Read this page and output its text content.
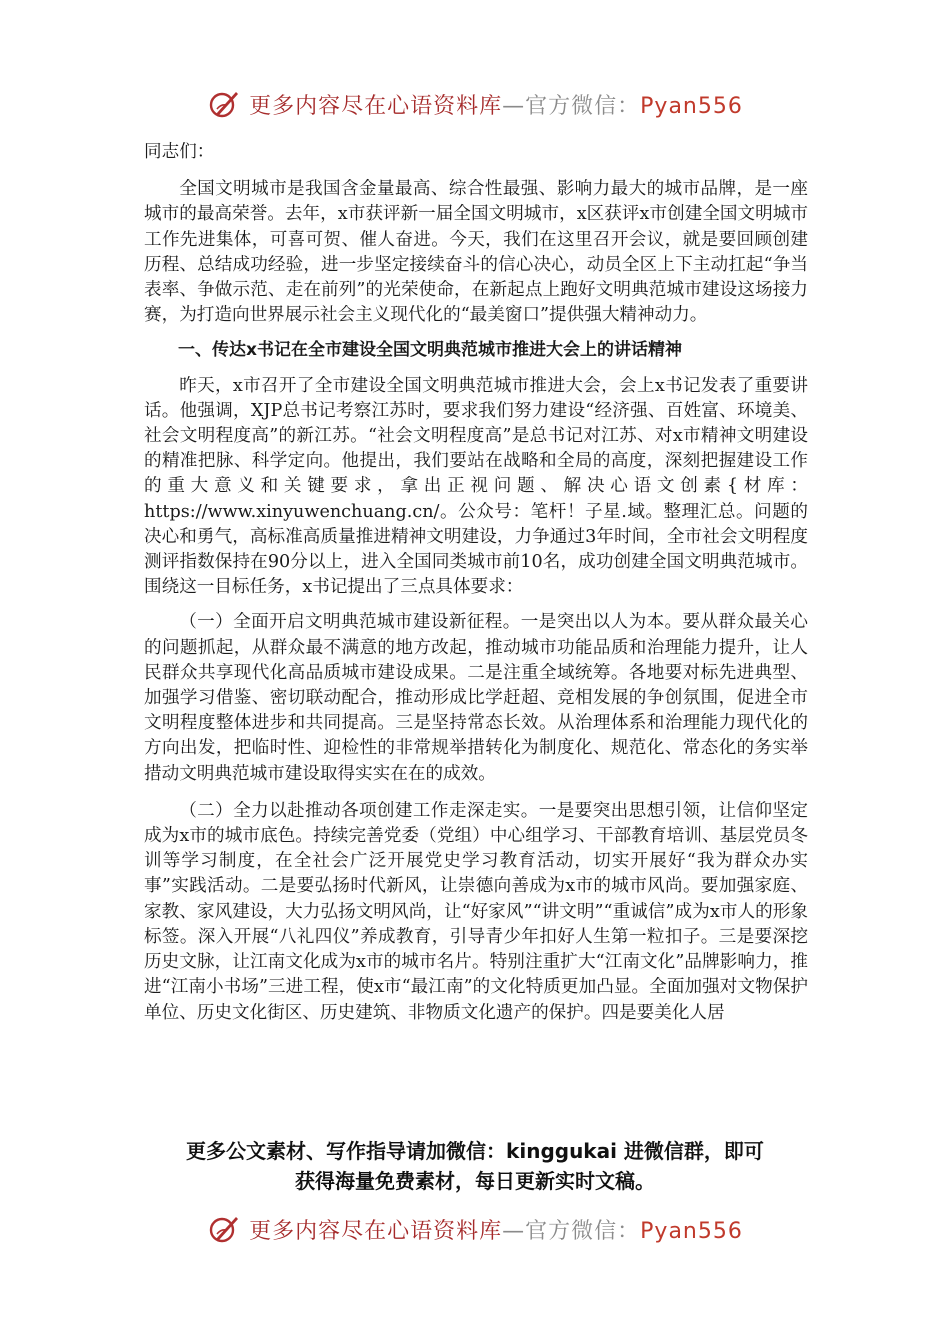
更多内容尽在心语资料库—官方微信：Pyan556

同志们：

全国文明城市是我国含金量最高、综合性最强、影响力最大的城市品牌，是一座城市的最高荣誉。去年，x市获评新一届全国文明城市，x区获评x市创建全国文明城市工作先进集体，可喜可贺、催人奋进。今天，我们在这里召开会议，就是要回顾创建历程、总结成功经验，进一步坚定接续奋斗的信心决心，动员全区上下主动扛起“争当表率、争做示范、走在前列”的光荣使命，在新起点上跑好文明典范城市建设这场接力赛，为打造向世界展示社会主义现代化的“最美窗口”提供强大精神动力。

一、传达x书记在全市建设全国文明典范城市推进大会上的讲话精神

昨天，x市召开了全市建设全国文明典范城市推进大会，会上x书记发表了重要讲话。他强调，XJP总书记考察江苏时，要求我们努力建设“经济强、百姓富、环境美、社会文明程度高”的新江苏。“社会文明程度高”是总书记对江苏、对x市精神文明建设的精准把脉、科学定向。他提出，我们要站在战略和全局的高度，深刻把握建设工作的重大意义和关键要求，拿出正视问题、解决心语文创素{材库：https://www.xinyuwenchuang.cn/。公众号：笔杆！子星.域。整理汇总。问题的决心和勇气，高标准高质量推进精神文明建设，力争通过3年时间，全市社会文明程度测评指数保持在90分以上，进入全国同类城市前10名，成功创建全国文明典范城市。围绕这一目标任务，x书记提出了三点具体要求：

（一）全面开启文明典范城市建设新征程。一是突出以人为本。要从群众最关心的问题抓起，从群众最不满意的地方改起，推动城市功能品质和治理能力提升，让人民群众共享现代化高品质城市建设成果。二是注重全域统筹。各地要对标先进典型、加强学习借鉴、密切联动配合，推动形成比学赶超、竞相发展的争创氛围，促进全市文明程度整体进步和共同提高。三是坚持常态长效。从治理体系和治理能力现代化的方向出发，把临时性、迎检性的非常规举措转化为制度化、规范化、常态化的务实举措动文明典范城市建设取得实实在在的成效。

（二）全力以赴推动各项创建工作走深走实。一是要突出思想引领，让信仰坚定成为x市的城市底色。持续完善党委（党组）中心组学习、干部教育培训、基层党员冬训等学习制度，在全社会广泛开展党史学习教育活动，切实开展好“我为群众办实事”实践活动。二是要弘扬时代新风，让崇德向善成为x市的城市风尚。要加强家庭、家教、家风建设，大力弘扬文明风尚，让“好家风”“讲文明”“重诚信”成为x市人的形象标签。深入开展“八礼四仪”养成教育，引导青少年扣好人生第一粒扣子。三是要深挖历史文脉，让江南文化成为x市的城市名片。特别注重扩大“江南文化”品牌影响力，推进“江南小书场”三进工程，使x市“最江南”的文化特质更加凸显。全面加强对文物保护单位、历史文化街区、历史建筑、非物质文化遗产的保护。四是要美化人居

更多公文素材、写作指导请加微信：kinggukai 进微信群，即可
获得海量免费素材，每日更新实时文稿。
更多内容尽在心语资料库—官方微信：Pyan556
